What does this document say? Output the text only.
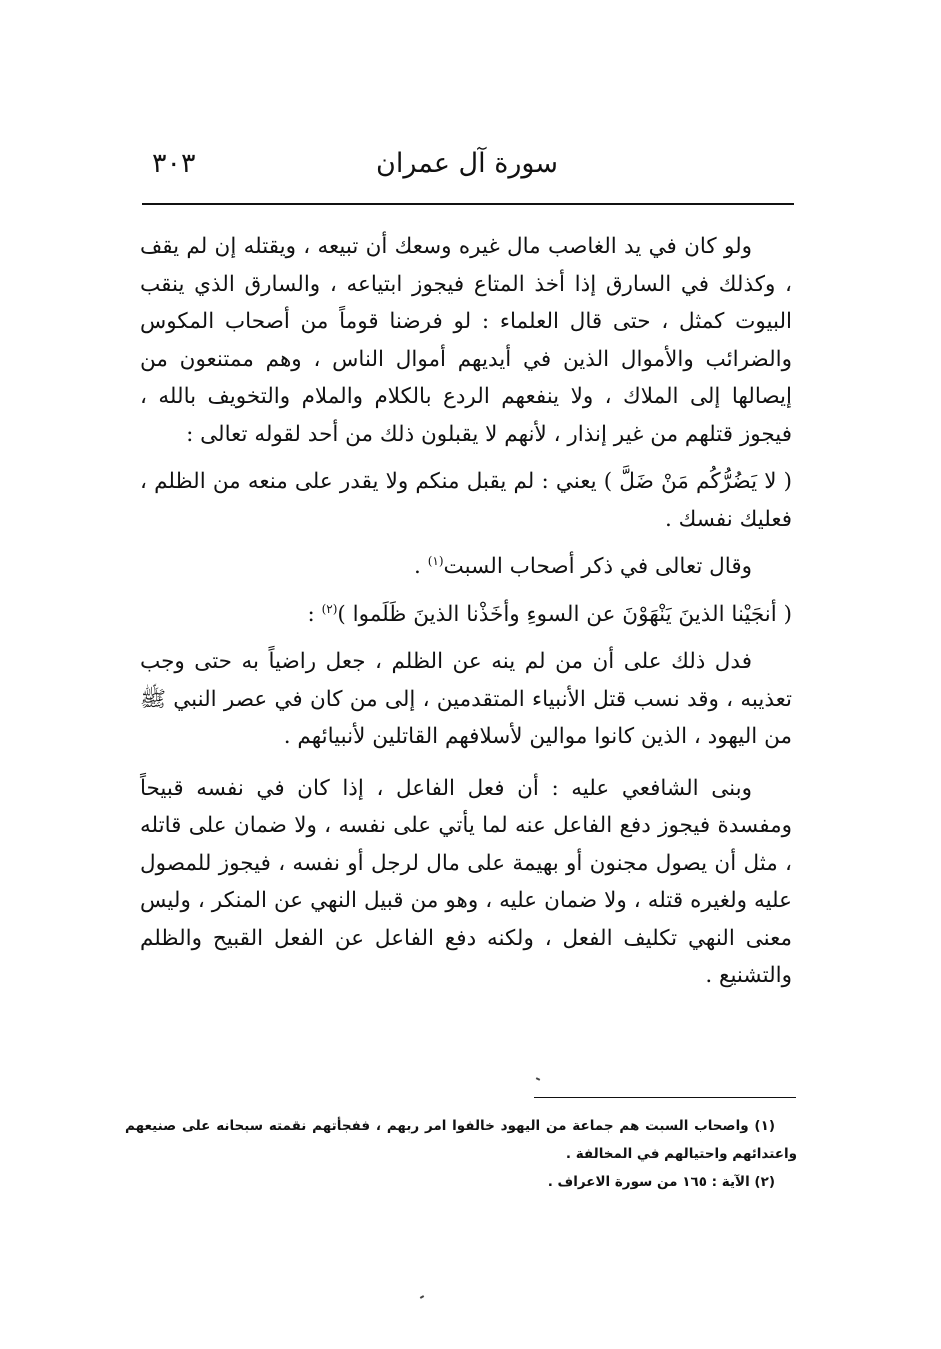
سورة آل عمران
٣٠٣

ولو كان في يد الغاصب مال غيره وسعك أن تبيعه ، ويقتله إن لم يقف ، وكذلك في السارق إذا أخذ المتاع فيجوز ابتياعه ، والسارق الذي ينقب البيوت كمثل ، حتى قال العلماء : لو فرضنا قوماً من أصحاب المكوس والضرائب والأموال الذين في أيديهم أموال الناس ، وهم ممتنعون من إيصالها إلى الملاك ، ولا ينفعهم الردع بالكلام والملام والتخويف بالله ، فيجوز قتلهم من غير إنذار ، لأنهم لا يقبلون ذلك من أحد لقوله تعالى :

( لا يَضُرُّكُم مَنْ ضَلَّ ) يعني : لم يقبل منكم ولا يقدر على منعه من الظلم ، فعليك نفسك .

وقال تعالى في ذكر أصحاب السبت$^{(١)}$ .

( أنجَيْنا الذينَ يَنْهَوْنَ عن السوءِ وأخَذْنا الذينَ ظَلَموا )$^{(٢)}$ :

فدل ذلك على أن من لم ينه عن الظلم ، جعل راضياً به حتى وجب تعذيبه ، وقد نسب قتل الأنبياء المتقدمين ، إلى من كان في عصر النبي ﷺ من اليهود ، الذين كانوا موالين لأسلافهم القاتلين لأنبيائهم .

وبنى الشافعي عليه : أن فعل الفاعل ، إذا كان في نفسه قبيحاً ومفسدة فيجوز دفع الفاعل عنه لما يأتي على نفسه ، ولا ضمان على قاتله ، مثل أن يصول مجنون أو بهيمة على مال لرجل أو نفسه ، فيجوز للمصول عليه ولغيره قتله ، ولا ضمان عليه ، وهو من قبيل النهي عن المنكر ، وليس معنى النهي تكليف الفعل ، ولكنه دفع الفاعل عن الفعل القبيح والظلم والتشنيع .

(١) واصحاب السبت هم جماعة من اليهود خالفوا امر ربهم ، ففجأتهم نقمته سبحانه على صنيعهم واعتدائهم واحتيالهم في المخالفة .

(٢) الآية : ١٦٥ من سورة الاعراف .
